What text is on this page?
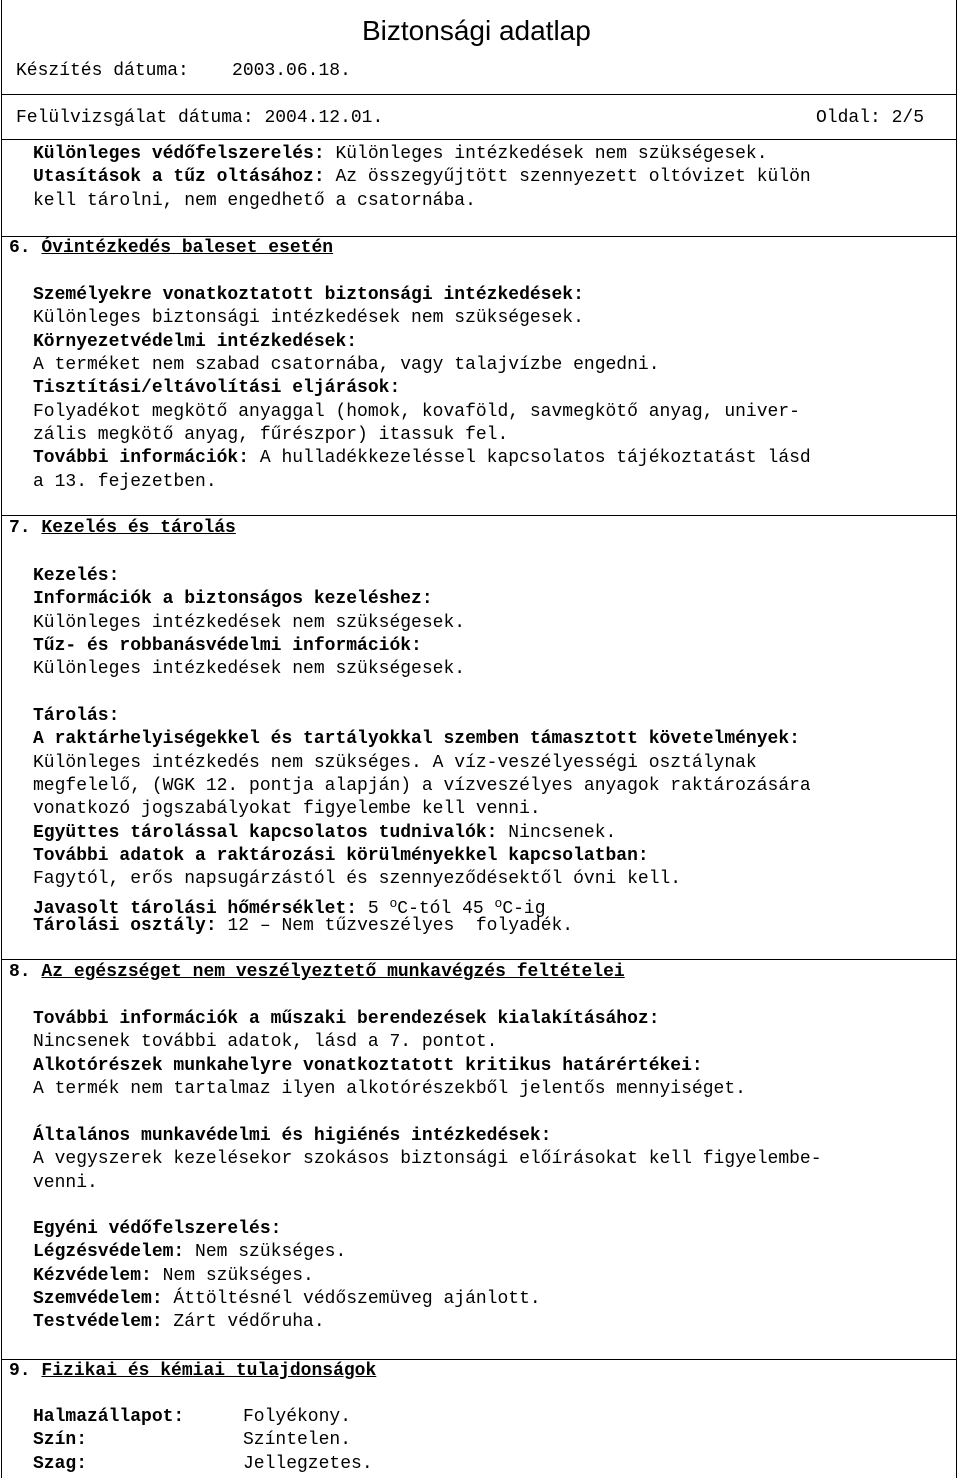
Biztonsági adatlap
Készítés dátuma: 2003.06.18.
Felülvizsgálat dátuma: 2004.12.01.	Oldal: 2/5
Különleges védőfelszerelés: Különleges intézkedések nem szükségesek.
Utasítások a tűz oltásához: Az összegyűjtött szennyezett oltóvizet külön
kell tárolni, nem engedhető a csatornába.
6. Óvintézkedés baleset esetén
Személyekre vonatkoztatott biztonsági intézkedések:
Különleges biztonsági intézkedések nem szükségesek.
Környezetvédelmi intézkedések:
A terméket nem szabad csatornába, vagy talajvízbe engedni.
Tisztítási/eltávolítási eljárások:
Folyadékot megkötő anyaggal (homok, kovaföld, savmegkötő anyag, univer-
zális megkötő anyag, fűrészpor) itassuk fel.
További információk: A hulladékkezeléssel kapcsolatos tájékoztatást lásd
a 13. fejezetben.
7. Kezelés és tárolás
Kezelés:
Információk a biztonságos kezeléshez:
Különleges intézkedések nem szükségesek.
Tűz- és robbanásvédelmi információk:
Különleges intézkedések nem szükségesek.
Tárolás:
A raktárhelyiségekkel és tartályokkal szemben támasztott követelmények:
Különleges intézkedés nem szükséges. A víz-veszélyességi osztálynak
megfelelő, (WGK 12. pontja alapján) a vízveszélyes anyagok raktározására
vonatkozó jogszabályokat figyelembe kell venni.
Együttes tárolással kapcsolatos tudnivalók: Nincsenek.
További adatok a raktározási körülményekkel kapcsolatban:
Fagytól, erős napsugárzástól és szennyeződésektől óvni kell.
Javasolt tárolási hőmérséklet: 5 $^o$C-tól 45 $^o$C-ig
Tárolási osztály: 12 – Nem tűzveszélyes  folyadék.
8. Az egészséget nem veszélyeztető munkavégzés feltételei
További információk a műszaki berendezések kialakításához:
Nincsenek további adatok, lásd a 7. pontot.
Alkotórészek munkahelyre vonatkoztatott kritikus határértékei:
A termék nem tartalmaz ilyen alkotórészekből jelentős mennyiséget.
Általános munkavédelmi és higiénés intézkedések:
A vegyszerek kezelésekor szokásos biztonsági előírásokat kell figyelembe-
venni.
Egyéni védőfelszerelés:
Légzésvédelem: Nem szükséges.
Kézvédelem: Nem szükséges.
Szemvédelem: Áttöltésnél védőszemüveg ajánlott.
Testvédelem: Zárt védőruha.
9. Fizikai és kémiai tulajdonságok
Halmazállapot:	Folyékony.
Szín:	Színtelen.
Szag:	Jellegzetes.
